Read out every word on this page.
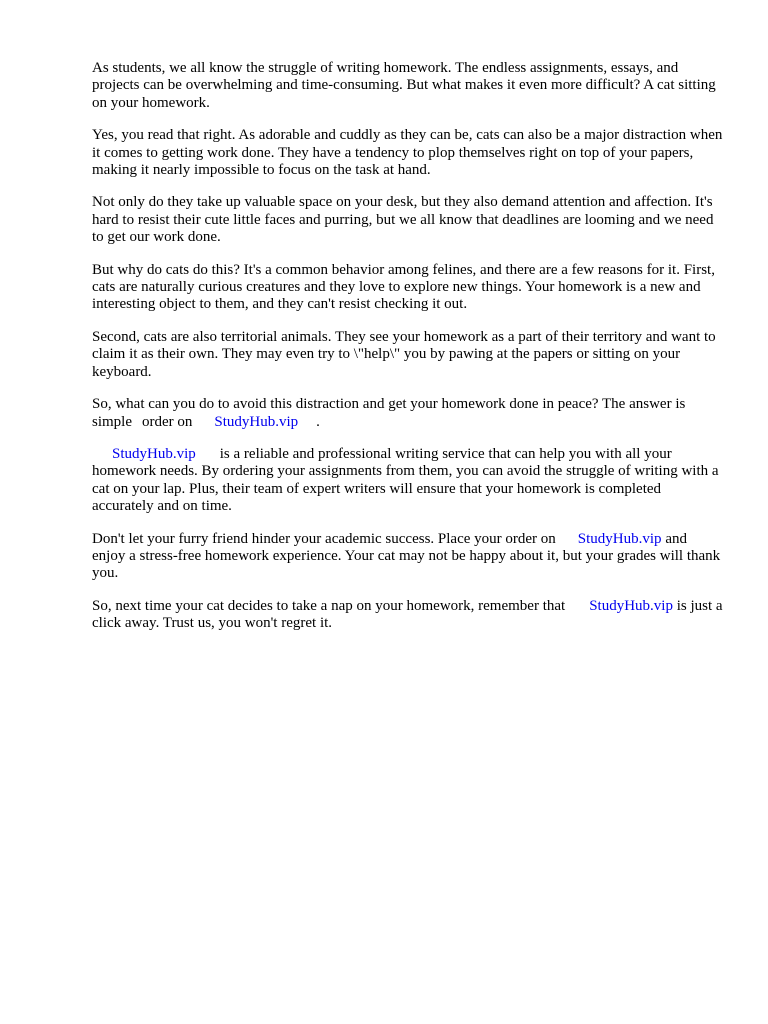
As students, we all know the struggle of writing homework. The endless assignments, essays, and projects can be overwhelming and time-consuming. But what makes it even more difficult? A cat sitting on your homework.

Yes, you read that right. As adorable and cuddly as they can be, cats can also be a major distraction when it comes to getting work done. They have a tendency to plop themselves right on top of your papers, making it nearly impossible to focus on the task at hand.

Not only do they take up valuable space on your desk, but they also demand attention and affection. It's hard to resist their cute little faces and purring, but we all know that deadlines are looming and we need to get our work done.

But why do cats do this? It's a common behavior among felines, and there are a few reasons for it. First, cats are naturally curious creatures and they love to explore new things. Your homework is a new and interesting object to them, and they can't resist checking it out.

Second, cats are also territorial animals. They see your homework as a part of their territory and want to claim it as their own. They may even try to \"help\" you by pawing at the papers or sitting on your keyboard.

So, what can you do to avoid this distraction and get your homework done in peace? The answer is simple order on StudyHub.vip .

StudyHub.vip is a reliable and professional writing service that can help you with all your homework needs. By ordering your assignments from them, you can avoid the struggle of writing with a cat on your lap. Plus, their team of expert writers will ensure that your homework is completed accurately and on time.

Don't let your furry friend hinder your academic success. Place your order on StudyHub.vip and enjoy a stress-free homework experience. Your cat may not be happy about it, but your grades will thank you.

So, next time your cat decides to take a nap on your homework, remember that StudyHub.vip is just a click away. Trust us, you won't regret it.
